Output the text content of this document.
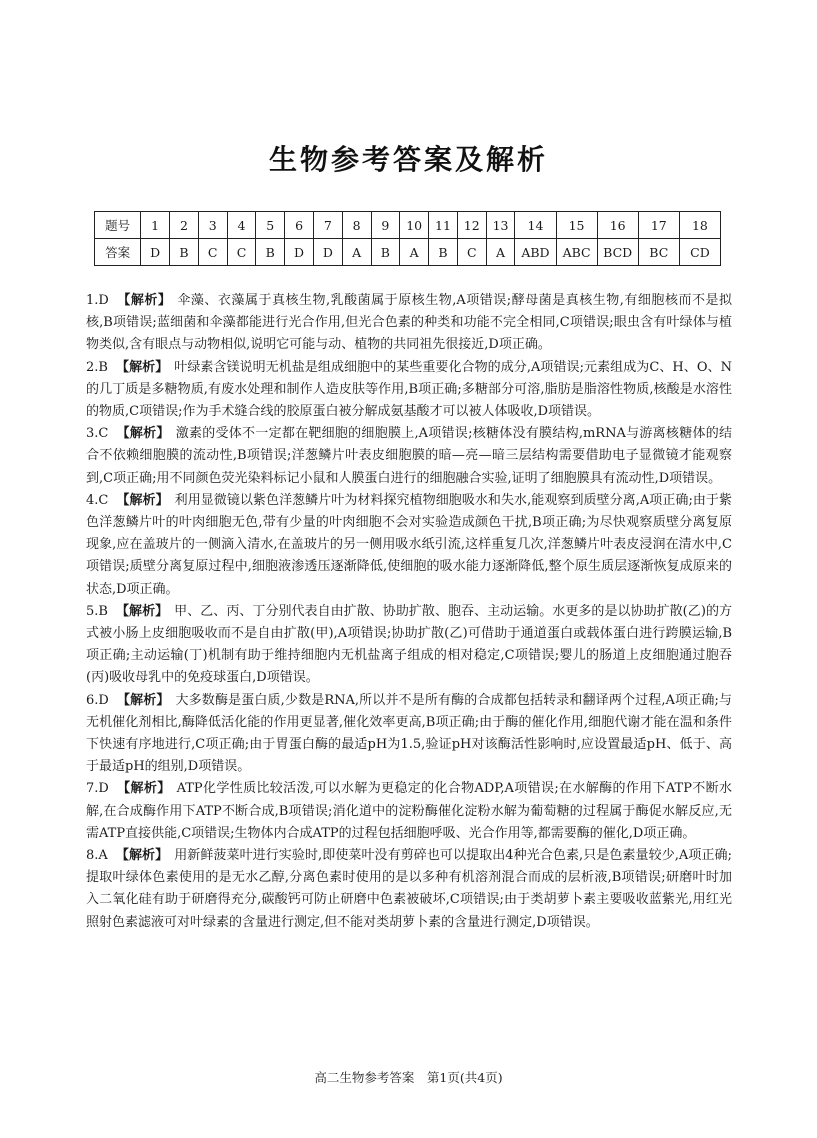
生物参考答案及解析
题号	1	2	3	4	5	6	7	8	9	10	11	12	13	14	15	16	17	18
答案	D	B	C	C	B	D	D	A	B	A	B	C	A	ABD	ABC	BCD	BC	CD
1.D 【解析】 伞藻、衣藻属于真核生物,乳酸菌属于原核生物,A项错误;酵母菌是真核生物,有细胞核而不是拟核,B项错误;蓝细菌和伞藻都能进行光合作用,但光合色素的种类和功能不完全相同,C项错误;眼虫含有叶绿体与植物类似,含有眼点与动物相似,说明它可能与动、植物的共同祖先很接近,D项正确。
2.B 【解析】 叶绿素含镁说明无机盐是组成细胞中的某些重要化合物的成分,A项错误;元素组成为C、H、O、N的几丁质是多糖物质,有废水处理和制作人造皮肤等作用,B项正确;多糖部分可溶,脂肪是脂溶性物质,核酸是水溶性的物质,C项错误;作为手术缝合线的胶原蛋白被分解成氨基酸才可以被人体吸收,D项错误。
3.C 【解析】 激素的受体不一定都在靶细胞的细胞膜上,A项错误;核糖体没有膜结构,mRNA与游离核糖体的结合不依赖细胞膜的流动性,B项错误;洋葱鳞片叶表皮细胞膜的暗—亮—暗三层结构需要借助电子显微镜才能观察到,C项正确;用不同颜色荧光染料标记小鼠和人膜蛋白进行的细胞融合实验,证明了细胞膜具有流动性,D项错误。
4.C 【解析】 利用显微镜以紫色洋葱鳞片叶为材料探究植物细胞吸水和失水,能观察到质壁分离,A项正确;由于紫色洋葱鳞片叶的叶肉细胞无色,带有少量的叶肉细胞不会对实验造成颜色干扰,B项正确;为尽快观察质壁分离复原现象,应在盖玻片的一侧滴入清水,在盖玻片的另一侧用吸水纸引流,这样重复几次,洋葱鳞片叶表皮浸润在清水中,C项错误;质壁分离复原过程中,细胞液渗透压逐渐降低,使细胞的吸水能力逐渐降低,整个原生质层逐渐恢复成原来的状态,D项正确。
5.B 【解析】 甲、乙、丙、丁分别代表自由扩散、协助扩散、胞吞、主动运输。水更多的是以协助扩散(乙)的方式被小肠上皮细胞吸收而不是自由扩散(甲),A项错误;协助扩散(乙)可借助于通道蛋白或载体蛋白进行跨膜运输,B项正确;主动运输(丁)机制有助于维持细胞内无机盐离子组成的相对稳定,C项错误;婴儿的肠道上皮细胞通过胞吞(丙)吸收母乳中的免疫球蛋白,D项错误。
6.D 【解析】 大多数酶是蛋白质,少数是RNA,所以并不是所有酶的合成都包括转录和翻译两个过程,A项正确;与无机催化剂相比,酶降低活化能的作用更显著,催化效率更高,B项正确;由于酶的催化作用,细胞代谢才能在温和条件下快速有序地进行,C项正确;由于胃蛋白酶的最适pH为1.5,验证pH对该酶活性影响时,应设置最适pH、低于、高于最适pH的组别,D项错误。
7.D 【解析】 ATP化学性质比较活泼,可以水解为更稳定的化合物ADP,A项错误;在水解酶的作用下ATP不断水解,在合成酶作用下ATP不断合成,B项错误;消化道中的淀粉酶催化淀粉水解为葡萄糖的过程属于酶促水解反应,无需ATP直接供能,C项错误;生物体内合成ATP的过程包括细胞呼吸、光合作用等,都需要酶的催化,D项正确。
8.A 【解析】 用新鲜菠菜叶进行实验时,即使菜叶没有剪碎也可以提取出4种光合色素,只是色素量较少,A项正确;提取叶绿体色素使用的是无水乙醇,分离色素时使用的是以多种有机溶剂混合而成的层析液,B项错误;研磨叶时加入二氧化硅有助于研磨得充分,碳酸钙可防止研磨中色素被破坏,C项错误;由于类胡萝卜素主要吸收蓝紫光,用红光照射色素滤液可对叶绿素的含量进行测定,但不能对类胡萝卜素的含量进行测定,D项错误。
高二生物参考答案　第1页(共4页)
